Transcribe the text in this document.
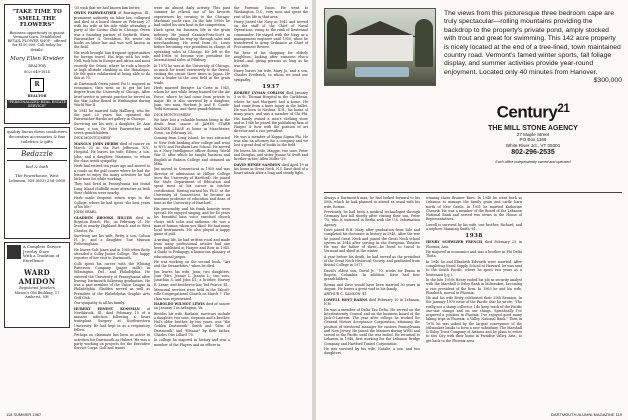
"TAKE TIME TO SMELL THE FLOWERS"
Business opportunity in quaint Vermont town. Established RETAIL FLOWER SHOP - offered for $150,000. Call today for details!
Mary Ellen Kreider
REALTOR
802/ 649-1814
R
REALTOR
"PERSONALIZED REAL ESTATE SERVICE"
quality linens down comforters decorative accessories & fine toiletries & gifts
Bedazzle
bed & bath
The Powerhouse, West Lebanon, NH (603) 298-5060
A Complete Service Jewelry Store
With a Tradition of Excellence
WARD AMIDON
Registered Jewelers
Mason's Old Building, 17 Amherst, NH

'35 wish that we had known him better.

OWEN FAIRWEATHER of Barrington, Ill., prominent authority on labor law, collapsed and died at a board dinner on February 27 with his wife at his side while attending a party at the Casino Club in Chicago. Owen was a founding partner of Seyfarth, Shaw, Fairweather & Geraldson. He wrote six books on labor law and was well known in the field.

His work brought him frequent opportunities for foreign travel. His trips with his wife, Nell, took him to Europe and Africa and most recently the Orient, where he rode a bicycle at high altitude climbing in the Himalayas. He felt quite exhilarated at being able to do this at 70.

At Dartmouth Owen joined Psi U, majored in economics, then went on to get his law degree from the University of Chicago. After brief service in private practice he served on the War Labor Board in Washington during World War II.

In 1941 he married Sally Hallberg, who for the past 25 years has operated the Fairweather-Hardin art gallery in Chicago.

Surviving are his wife, a daughter, Dr. Ann Crane; a son, Dr. Peter Fairweather; and seven grandchildren.

DICK MONTGOMERY

MANGUS JOHN HERBS died of cancer on March 20 in the Fort Jefferson, N.Y., Hospital. He leaves his wife, Eileen; a son, John; and a daughter, Marianne, to whom the class sends sympathy.

Herb had retired ten years ago and moved to a condo on the golf course where he had the leisure to enjoy the many activities he had little time for while working.

They had lived in Pennsylvania but found Long Island (Suffolk) more attractive as both their children were nearby.

Herb made frequent return trips to the College, where he had spent "the best years of his life."

JOHN SEARL

GLADDEN BROOKS HILLER died in Boynton Beach, Fla., on February 21. He lived in nearby Highland Beach and in West Chester, Pa.

Surviving are his wife, Betty, a son, Colson H. Jr., and a daughter, Sue Munson Fotheringham.

He leaves Colt Jones and in 1960 when Betty attended a Colby Junior College. The happy reporter of her visit to Dartmouth.

Colb spent his career with the Whiting Patterson Company (paper mills) in Wilmington, Del., and Philadelphia. He entered the University of Pennsylvania after leaving Dartmouth following graduation. He was a past member of the Union League in Philadelphia. Gladden served as well as President of the Philadelphia Graphic Arts Golf Club.

Our sympathy to all his family.

HUBERT ERNEST KOSSMAN of Northbrook, Ill., died February 10 of a massive infection following a heart transplant. Surgery at Northwestern University. He had kept in as a respiratory fellow.

Perhaps no classmate has been as active in activities for Dartmouth as Hubert. He was a party working on projects for the Executive Service Corps. Golf and tennis

were an almost daily activity. This past summer he relived one of his favorite experiences by crewing in the Chicago-Mackinac yacht race. In the late 1950s he had sailed his own boat in the competition.

Hurb spent his business life in the grain industry. He joined Cannon-Fritz-Scott in 1946, working his way up through sales and merchandising. He went from St. Louis before becoming vice president in charge of operating sales at Chicago. He left in the mid-1960s to become vice president for International Sales at Pillsbury.

In 1975 he was at the University of Chicago, as much for travel extensively to the Orient, visiting the circuit three times in Japan. He was a leader in the corn field in the grain trade.

Herb married Bernyce La Corte in 1945, whom he met while being trained for the Air Force, where he had come from private to major. He is also survived by a daughter, Joan, two sons, Herbert Jr. and E. Conde-Todd Kossman, and three grandchildren.

DICK MONTGOMERY

We have lost a valuable human being in the death from cancer of JAMES STARR WAGNER LEASE at home in Manchester, Conn., on February 26.

Coming from Long Island, he was attracted to New York banking after college and went to NYU and Fordham Law School. He served as a Navy Intelligence officer during World War II, after which he taught business and English at Babson College and obtained an MBA.

Jim moved to Connecticut in 1950 and was director of admissions at Hillyer College (now the University of Hartford). He joined the State Department of Education and spent most of his career in teacher certification. Having earned his Ph.D. at the University of Connecticut, he became an assistant professor of education and dean of time at the University of Hartford.

His personality and his frank honesty were special. He enjoyed singing, and for 40 years his beautiful bass voice enriched church choirs with solos and anthems. He was a man of humor, whom you liked. He had many local instruments. He also played a happy game of golf.

A writing life, he had written vocal and made from many professional articles had one been published in Harper and Row in 1945. A Guide to Pedagogy, a humorous glossary of educational jargon.

He was working on the second book, "Art and the Swanwhites," when he died.

Jim leaves his wife, Jean; two daughters, Joan (Mrs. Jeanne L. Jeanne L.; two sons, Jonathan S. and John III.; a brother, Harvey E. Lease; and brother-in-law, Ted Pearce '41.

Memorial services were held in the Talcott-ville Congregational Church on March 7. The class was represented.

HAROLDO WILMOT LEWIS died of cancer on January 1 in Arlington, Va.

Besides his wife, Barbara, survivors include a daughter, two sons, stepsons and a brother. Hal's older brother, by two years, was "the Golden Dartmouth" Smith and "Men of Dartmouth" and "Eleazar" by their father, Charles Otis Lillard '75.

In college he majored in history and was a member of the Players and an officer in

the Forensic Union. He went to Washington, D.C., very soon and spent the rest of his life in that area.

Harry joined the Navy in 1942 and served on the staff of the Chief of Naval Operations, rising to the rank of lieutenant commander. He stayed with the Navy as a management engineer until 1950, when he transferred to Army Ordnance as Chief of Procurement Review.

We hear of his shopping for elderly neighbors, looking after someone else-a friend—and giving persons as long as he was able.

Harry leaves his wife, Mary Jo, and a son, Charles Frederick, to whom we send our sympathy.

1937

ROBERT LYMAN CORLISS died January 3 in St. Thomas Hospital in the Caribbean, where he and Margaret had a home. He had come from a knee injury in the ballet. He was born to Nashua, N.H., his home of many years, and was a member of Chi Phi. His family owned a men's clothing store and in 1946 he joined the publishing firm of Harper & Row with the position of art director and a vice president.

He was a member of Kappa Sigma Phi. He was also an attorney for a company and we lost a great deal of books in the field.

He leaves his wife, Maggie, two sons, Peter and Douglas, and sister Jeanne W. Swift and brother-in-law, Allen Miller '29.

DAVID HENRY SAMMON died April 19 at his home in Great Neck, N.Y. Dave died of a heart attack after a long and steady fight.

118 SUMMER 1987
The views from this picturesque three bedroom cape are truly spectacular—rolling mountains providing the backdrop to the property's private pond, amply stocked with trout and great for swimming. This 142 acre property is nicely located at the end of a tree-lined, town maintained country road. Vermont's famed winter sports, fall foliage display, and summer activities provide year-round enjoyment. Located only 40 minutes from Hanover.
$300,000
Century$^{21}$
THE MILL STONE AGENCY
27 Maple Street
PO Box 1166
White River Jct., VT 05001
802-296-2535
Each office Independently owned and operated

Always a Dartmouth man, he had looked forward to his 50th, which he had planned to attend as usual with his wife, Rowan.

Previously, he had been a medical technologist through Germany last fall shortly after visiting their son, Peter '70, who is stationed in Berlin with the U.S. Information Agency.

Dave joined B.H. Mary after graduation from Yale and completed his doctorate in history in 1948. After the war he joined Great Neck and joined the Great Neck school system in 1946 after serving in the European Theater. He was the father of three—he loved to travel to Vermont and skied in the winter.

A year before his death, he had served as the president of the Great Neck Historical Society, and graduated from Bristol College in 1977.

David's eldest son, David Jr., '70, works for Exxon in Bogota, Columbia. In addition, Dave had four grandchildren.

Rowan and Dave would have been married 50 years in August. He leaves a great void in his family.

ARTHUR C. SAMSON '41

LOWELL HOYT BARNS died February 10 in Lebanon, N.H.

He was a member of Delta Tau Delta. He served on the Interfraternity Council and on the business board of the Jack-O-Lantern. The year after college he worked for General Motors Acceptance Corporation, attaining the position of territorial manager for eastern Pennsylvania and New Jersey. He joined the Marines during WWII and served in the Pacific until the war ended. He returned to Lebanon in 1948, first working for the Lebanon Bridge Company and Hartford Tunnel Corporation.

He was survived by his wife, Natalie, a son, and two daughters.

winning there Brainer Barn. In 1948 he went back to Lebanon to manage the family grain and cattle barn north of New Castle. In 1951 he married Katherine Chenvik. He was a member of the Board of the Lebanon National Bank and served two terms in the House of Representatives.

Lowell is survived by his wife, one brother, Richard, and a nephew, Manning Smith '61.

1938

HENRY SCHWIZER FRENCH died February 25 in Phoenix, Ariz.

He majored in economics and was a brother in Phi Delta Theta.

In 1940 he and Elizabeth Edwards were married. After completing Naval Supply School at Harvard, he was sent to the South Pacific, where he spent two years as a lieutenant (j.g.).

In the late 1950s Henry ended his job as security analyst with the Marshall & Ilsley Bank in Milwaukee, becoming a vice president of the firm. In 1963 he and his wife, Elizabeth, moved to Phoenix.

He and his wife Betty celebrated their 25th Reunion. In the January 1970 issue of the Pacific Star he wrote, "The really not a stamp collector, I do keep track of the Pacific one-star stamps and on our things. Specifically I've acquired a position in Phoenix. I've enjoyed good many hiking trips in Phoenix, a Valley National Bank." Then in 1976 he was asked by the largest conveyance of the Milwaukee banks to form a new subsidiary. The Marshall & Ilsley Trust Company of Arizona and he plans to retire to Sun City with their home in Paradise Valley, Ariz., to get back to the Phoenix area.

DARTMOUTH ALUMNI MAGAZINE 119
